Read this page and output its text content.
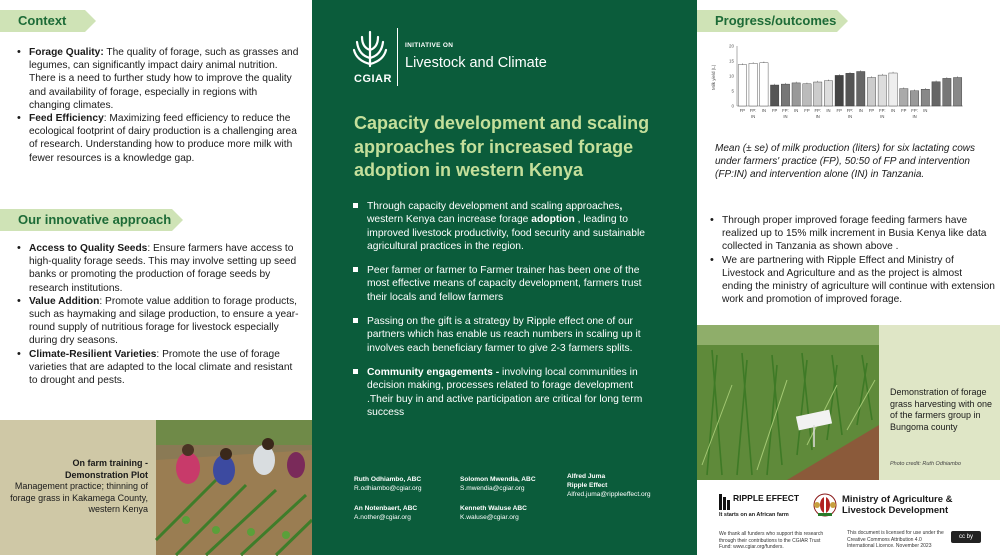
Context
• Forage Quality: The quality of forage, such as grasses and legumes, can significantly impact dairy animal nutrition. There is a need to further study how to improve the quality and availability of forage, especially in regions with changing climates.
• Feed Efficiency: Maximizing feed efficiency to reduce the ecological footprint of dairy production is a challenging area of research. Understanding how to produce more milk with fewer resources is a knowledge gap.
Our innovative approach
• Access to Quality Seeds: Ensure farmers have access to high-quality forage seeds. This may involve setting up seed banks or promoting the production of forage seeds by research institutions.
• Value Addition: Promote value addition to forage products, such as haymaking and silage production, to ensure a year-round supply of nutritious forage for livestock especially during dry seasons.
• Climate-Resilient Varieties: Promote the use of forage varieties that are adapted to the local climate and resistant to drought and pests.
On farm training - Demonstration Plot
Management practice; thinning of forage grass in Kakamega County, western Kenya
CGIAR
INITIATIVE ON
Livestock and Climate
Capacity development and scaling approaches for increased forage adoption in western Kenya
Through capacity development and scaling approaches, western Kenya can increase forage adoption , leading to improved livestock productivity, food security and sustainable agricultural practices in the region.
Peer farmer or farmer to Farmer trainer has been one of the most effective means of capacity development, farmers trust their locals and fellow farmers
Passing on the gift is a strategy by Ripple effect one of our partners which has enable us reach numbers in scaling up it involves each beneficiary farmer to give 2-3 farmers splits.
Community engagements - involving local communities in decision making, processes related to forage development .Their buy in and active participation are critical for long term success
Ruth Odhiambo, ABC
R.odhiambo@cgiar.org
Solomon Mwendia, ABC
S.mwendia@cgiar.org
Alfred Juma
Ripple Effect
Alfred.juma@rippleeffect.org
An Notenbaert, ABC
A.nother@cgiar.org
Kenneth Waluse ABC
K.waluse@cgiar.org
Progress/outcomes
Milk yield (L)
0
5
10
15
20
FP FP:
IN
IN FP FP:
IN
IN FP FP:
IN
IN FP FP:
IN
IN FP FP:
IN
IN FP FP:
IN
IN
Mean (± se) of milk production (liters) for six lactating cows under farmers' practice (FP), 50:50 of FP and intervention (FP:IN) and intervention alone (IN) in Tanzania.
• Through proper improved forage feeding farmers have realized up to 15% milk increment in Busia Kenya like data collected in Tanzania as shown above .
• We are partnering with Ripple Effect and Ministry of Livestock and Agriculture and as the project is almost ending the ministry of agriculture will continue with extension work and promotion of improved forage.
Demonstration of forage grass harvesting with one of the farmers group in Bungoma county
Photo credit: Ruth Odhiambo
RIPPLE EFFECT
It starts on an African farm
Ministry of Agriculture & Livestock Development
We thank all funders who support this research through their contributions to the CGIAR Trust Fund: www.cgiar.org/funders.
This document is licensed for use under the Creative Commons Attribution 4.0 International Licence. November 2023
cc by
